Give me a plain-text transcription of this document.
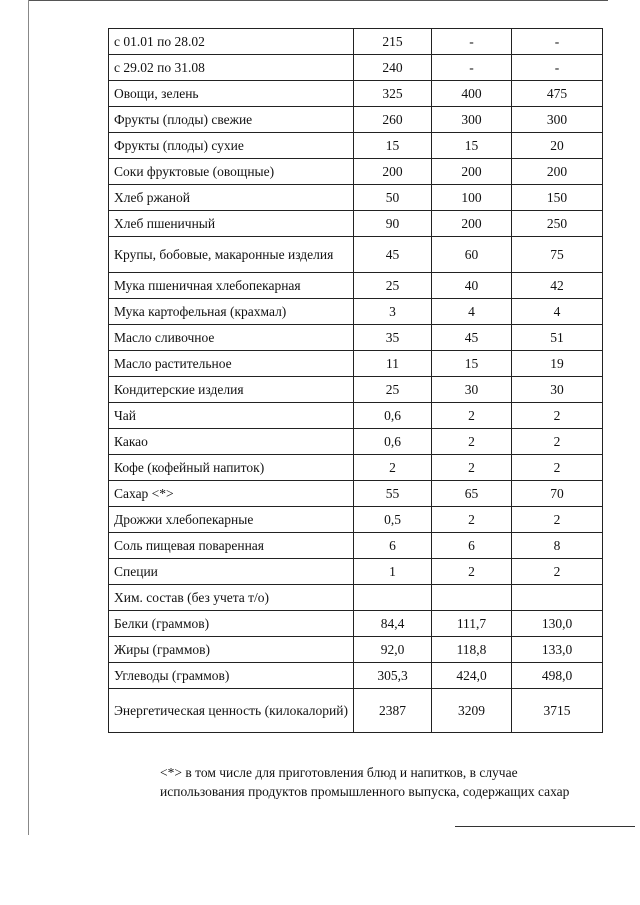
с 01.01 по 28.02	215	-	-
с 29.02 по 31.08	240	-	-
Овощи, зелень	325	400	475
Фрукты (плоды) свежие	260	300	300
Фрукты (плоды) сухие	15	15	20
Соки фруктовые (овощные)	200	200	200
Хлеб ржаной	50	100	150
Хлеб пшеничный	90	200	250
Крупы, бобовые, макаронные изделия	45	60	75
Мука пшеничная хлебопекарная	25	40	42
Мука картофельная (крахмал)	3	4	4
Масло сливочное	35	45	51
Масло растительное	11	15	19
Кондитерские изделия	25	30	30
Чай	0,6	2	2
Какао	0,6	2	2
Кофе (кофейный напиток)	2	2	2
Сахар <*>	55	65	70
Дрожжи хлебопекарные	0,5	2	2
Соль пищевая поваренная	6	6	8
Специи	1	2	2
Хим. состав (без учета т/о)			
Белки (граммов)	84,4	111,7	130,0
Жиры (граммов)	92,0	118,8	133,0
Углеводы (граммов)	305,3	424,0	498,0
Энергетическая ценность (килокалорий)	2387	3209	3715
<*> в том числе для приготовления блюд и напитков, в случае
использования продуктов промышленного выпуска, содержащих сахар
